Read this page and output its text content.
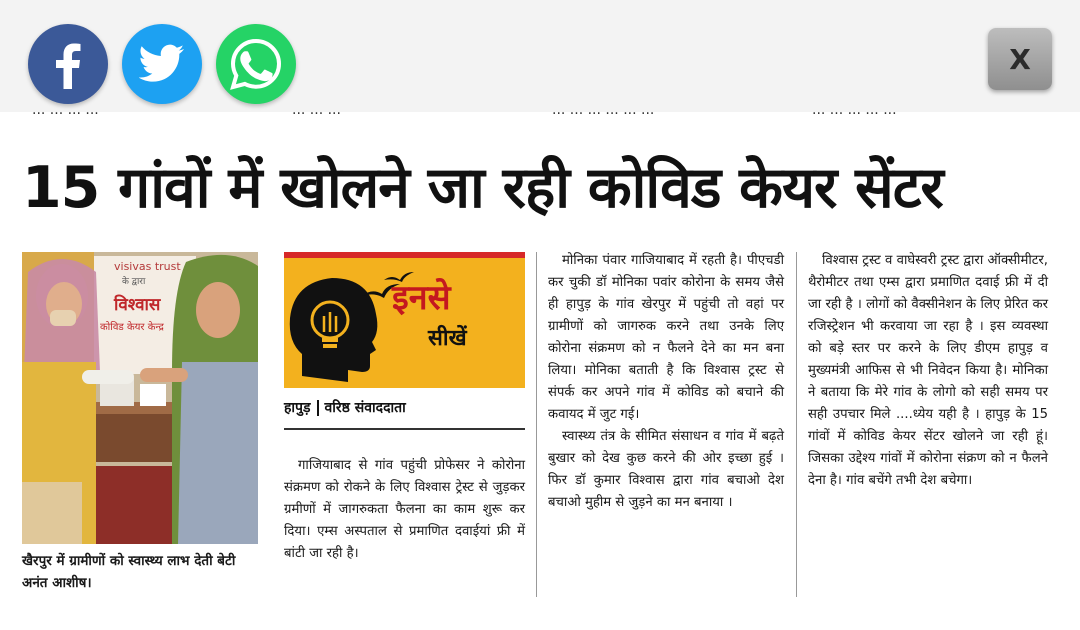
X
... ... ... ...	... ... ...	... ... ... ... ... ...	... ... ... ... ...
15 गांवों में खोलने जा रही कोविड केयर सेंटर
visivas trust
के द्वारा
विश्वास
कोविड केयर केन्द्र
खैरपुर में ग्रामीणों को स्वास्थ्य लाभ देती बेटी अनंत आशीष।
इनसे
सीखें
हापुड़ वरिष्ठ संवाददाता

गाजियाबाद से गांव पहुंची प्रोफेसर ने कोरोना संक्रमण को रोकने के लिए विश्वास ट्रेस्ट से जुड़कर ग्रमीणों में जागरुकता फैलना का काम शुरू कर दिया। एम्स अस्पताल से प्रमाणित दवाईयां फ्री में बांटी जा रही है।

मोनिका पंवार गाजियाबाद में रहती है। पीएचडी कर चुकी डॉ मोनिका पवांर कोरोना के समय जैसे ही हापुड़ के गांव खेरपुर में पहुंची तो वहां पर ग्रामीणों को जागरुक करने तथा उनके लिए कोरोना संक्रमण को न फैलने देने का मन बना लिया। मोनिका बताती है कि विश्वास ट्रस्ट से संपर्क कर अपने गांव में कोविड को बचाने की कवायद में जुट गई।

स्वास्थ्य तंत्र के सीमित संसाधन व गांव में बढ़ते बुखार को देख कुछ करने की ओर इच्छा हुई । फिर डॉ कुमार विश्वास द्वारा गांव बचाओ देश बचाओ मुहीम से जुड़ने का मन बनाया ।

विश्वास ट्रस्ट व वाघेस्वरी ट्रस्ट द्वारा ऑक्सीमीटर, थैरोमीटर तथा एम्स द्वारा प्रमाणित दवाई फ्री में दी जा रही है । लोगों को वैक्सीनेशन के लिए प्रेरित कर रजिस्ट्रेशन भी करवाया जा रहा है । इस व्यवस्था को बड़े स्तर पर करने के लिए डीएम हापुड़ व मुख्यमंत्री आफिस से भी निवेदन किया है। मोनिका ने बताया कि मेरे गांव के लोगो को सही समय पर सही उपचार मिले ....ध्येय यही है । हापुड़ के 15 गांवों में कोविड केयर सेंटर खोलने जा रही हूं। जिसका उद्देश्य गांवों में कोरोना संक्रण को न फैलने देना है। गांव बचेंगे तभी देश बचेगा।
